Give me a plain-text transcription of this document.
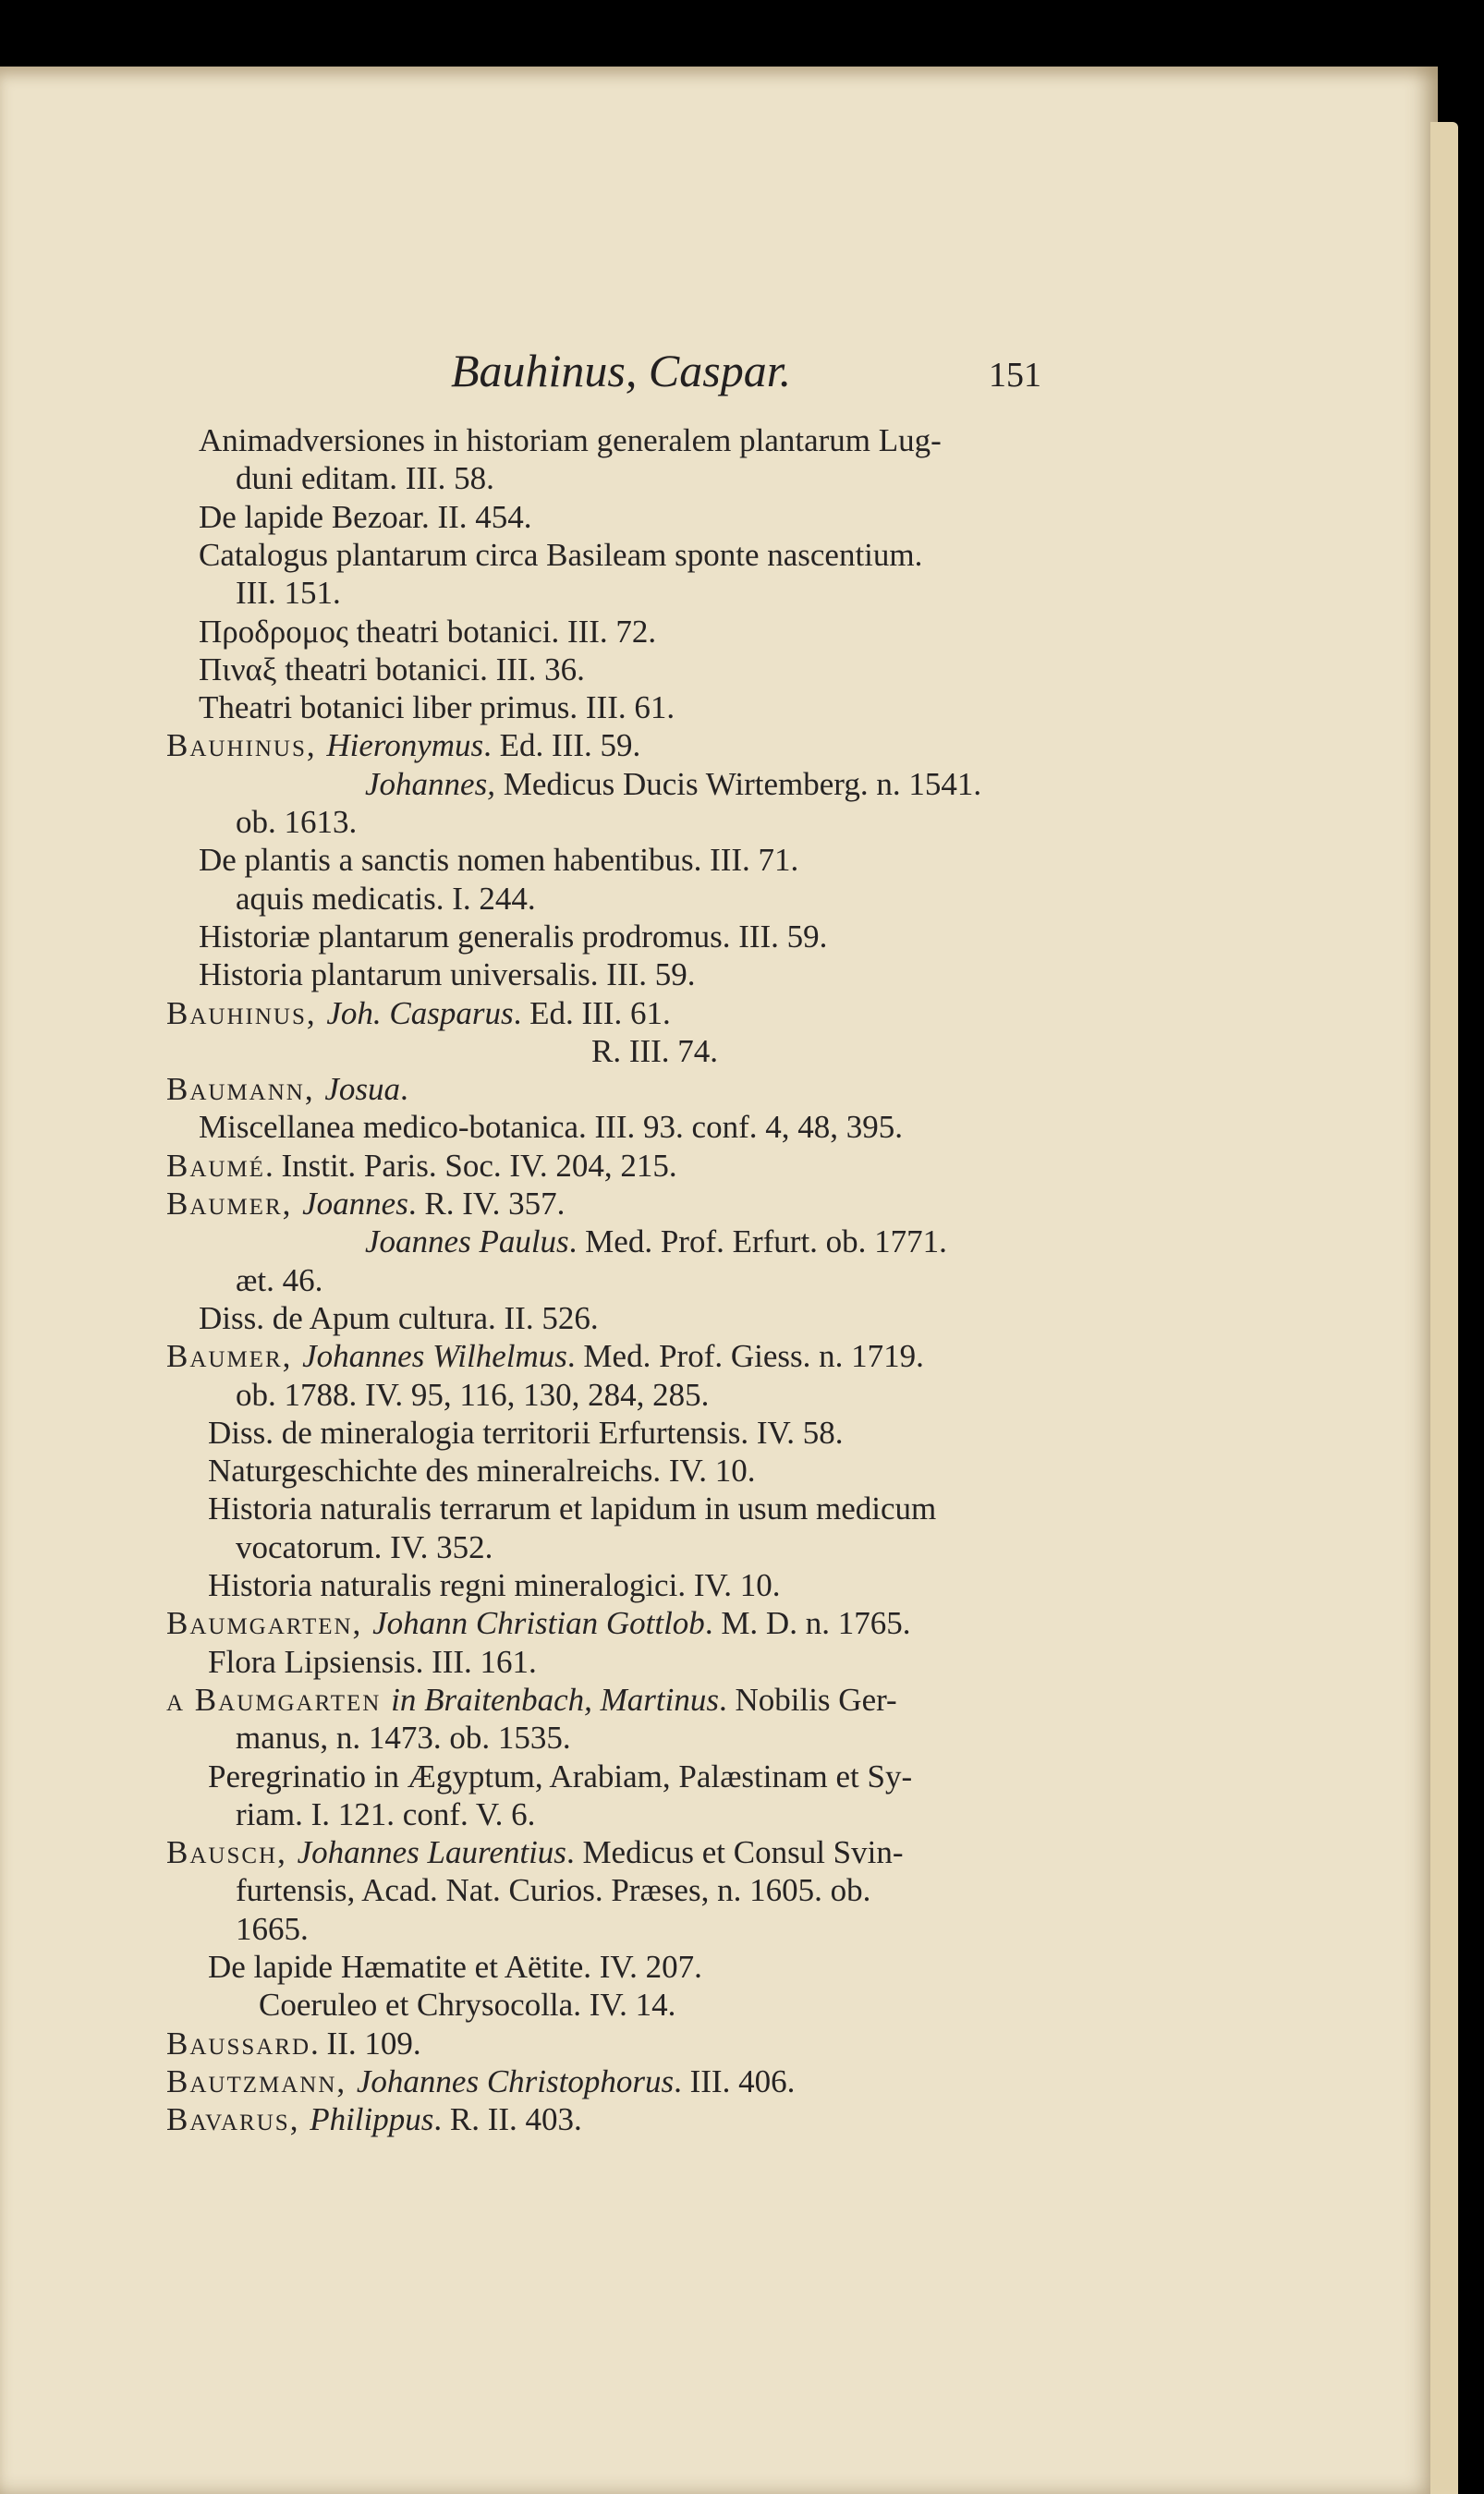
Bauhinus, Caspar.	151
Animadversiones in historiam generalem plantarum Lug-
duni editam. III. 58.
De lapide Bezoar. II. 454.
Catalogus plantarum circa Basileam sponte nascentium.
III. 151.
Προδρομος theatri botanici. III. 72.
Πιναξ theatri botanici. III. 36.
Theatri botanici liber primus. III. 61.
Bauhinus, Hieronymus. Ed. III. 59.
Johannes, Medicus Ducis Wirtemberg. n. 1541.
ob. 1613.
De plantis a sanctis nomen habentibus. III. 71.
aquis medicatis. I. 244.
Historiæ plantarum generalis prodromus. III. 59.
Historia plantarum universalis. III. 59.
Bauhinus, Joh. Casparus. Ed. III. 61.
R. III. 74.
Baumann, Josua.
Miscellanea medico-botanica. III. 93. conf. 4, 48, 395.
Baumé. Instit. Paris. Soc. IV. 204, 215.
Baumer, Joannes. R. IV. 357.
Joannes Paulus. Med. Prof. Erfurt. ob. 1771.
æt. 46.
Diss. de Apum cultura. II. 526.
Baumer, Johannes Wilhelmus. Med. Prof. Giess. n. 1719.
ob. 1788. IV. 95, 116, 130, 284, 285.
Diss. de mineralogia territorii Erfurtensis. IV. 58.
Naturgeschichte des mineralreichs. IV. 10.
Historia naturalis terrarum et lapidum in usum medicum
vocatorum. IV. 352.
Historia naturalis regni mineralogici. IV. 10.
Baumgarten, Johann Christian Gottlob. M. D. n. 1765.
Flora Lipsiensis. III. 161.
a Baumgarten in Braitenbach, Martinus. Nobilis Ger-
manus, n. 1473. ob. 1535.
Peregrinatio in Ægyptum, Arabiam, Palæstinam et Sy-
riam. I. 121. conf. V. 6.
Bausch, Johannes Laurentius. Medicus et Consul Svin-
furtensis, Acad. Nat. Curios. Præses, n. 1605. ob.
1665.
De lapide Hæmatite et Aëtite. IV. 207.
Coeruleo et Chrysocolla. IV. 14.
Baussard. II. 109.
Bautzmann, Johannes Christophorus. III. 406.
Bavarus, Philippus. R. II. 403.
